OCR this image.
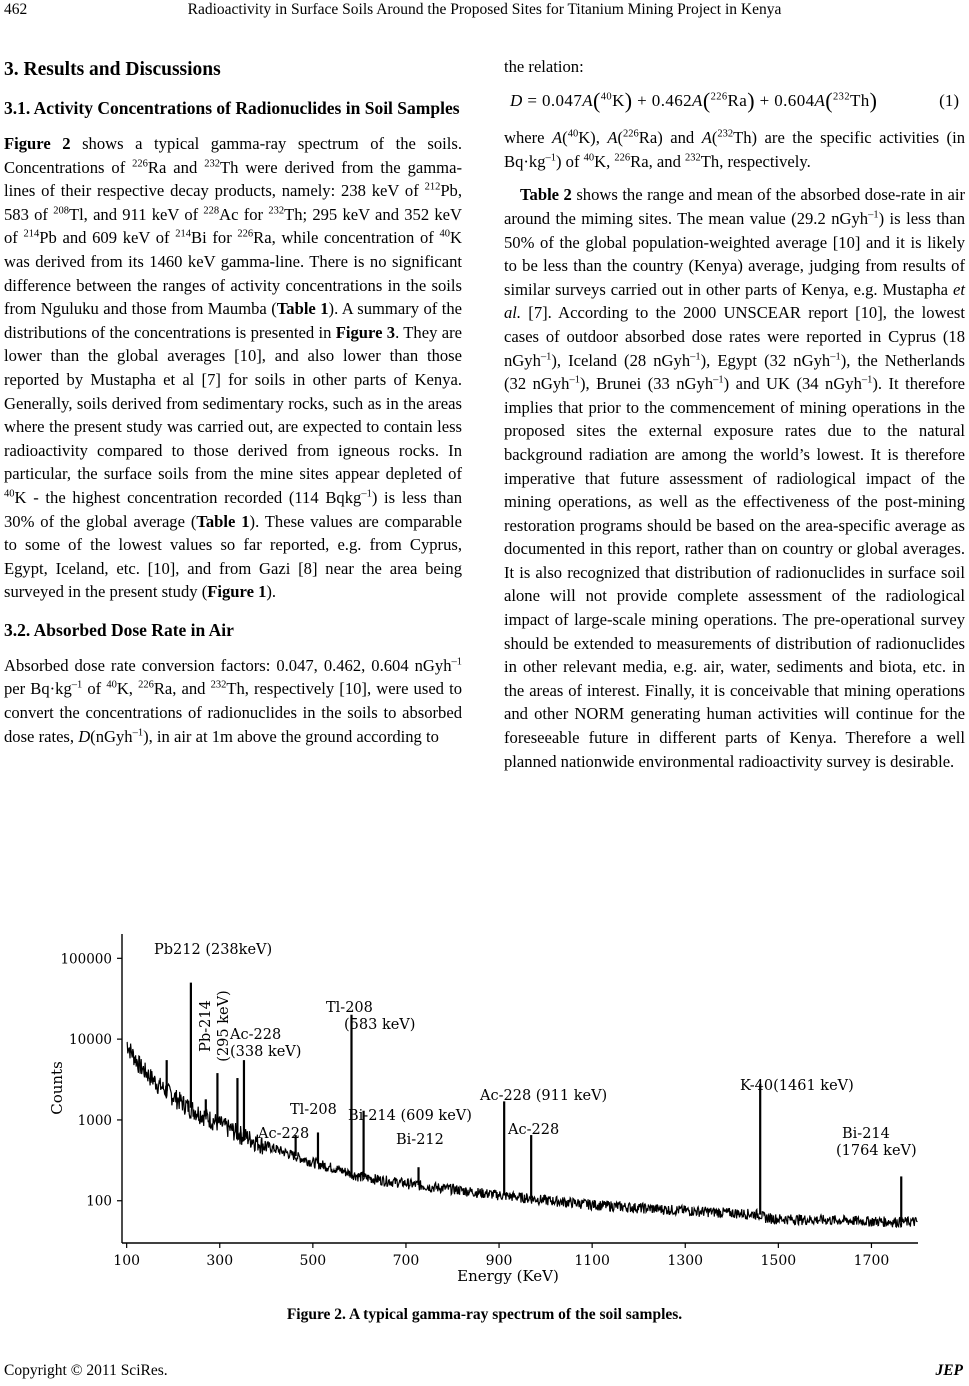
462	Radioactivity in Surface Soils Around the Proposed Sites for Titanium Mining Project in Kenya
3. Results and Discussions
3.1. Activity Concentrations of Radionuclides in Soil Samples

Figure 2 shows a typical gamma-ray spectrum of the soils. Concentrations of $^{226}$Ra and $^{232}$Th were derived from the gamma-lines of their respective decay products, namely: 238 keV of $^{212}$Pb, 583 of $^{208}$Tl, and 911 keV of $^{228}$Ac for $^{232}$Th; 295 keV and 352 keV of $^{214}$Pb and 609 keV of $^{214}$Bi for $^{226}$Ra, while concentration of $^{40}$K was derived from its 1460 keV gamma-line. There is no significant difference between the ranges of activity concentrations in the soils from Nguluku and those from Maumba (Table 1). A summary of the distributions of the concentrations is presented in Figure 3. They are lower than the global averages [10], and also lower than those reported by Mustapha et al [7] for soils in other parts of Kenya. Generally, soils derived from sedimentary rocks, such as in the areas where the present study was carried out, are expected to contain less radioactivity compared to those derived from igneous rocks. In particular, the surface soils from the mine sites appear depleted of $^{40}$K - the highest concentration recorded (114 Bqkg$^{-1}$) is less than 30% of the global average (Table 1). These values are comparable to some of the lowest values so far reported, e.g. from Cyprus, Egypt, Iceland, etc. [10], and from Gazi [8] near the area being surveyed in the present study (Figure 1).

3.2. Absorbed Dose Rate in Air

Absorbed dose rate conversion factors: 0.047, 0.462, 0.604 nGyh$^{-1}$ per $Bq\cdot kg^{-1}$ of $^{40}$K, $^{226}$Ra, and $^{232}$Th, respectively [10], were used to convert the concentrations of radionuclides in the soils to absorbed dose rates, D(nGyh$^{-1}$), in air at 1m above the ground according to

the relation:

D = 0.047A($^{40}$K) + 0.462A($^{226}$Ra) + 0.604A($^{232}$Th)	(1)

where A($^{40}$K), A($^{226}$Ra) and A($^{232}$Th) are the specific activities (in $Bq\cdot kg^{-1}$) of $^{40}$K, $^{226}$Ra, and $^{232}$Th, respectively.

Table 2 shows the range and mean of the absorbed dose-rate in air around the miming sites. The mean value (29.2 nGyh$^{-1}$) is less than 50% of the global population-weighted average [10] and it is likely to be less than the country (Kenya) average, judging from results of similar surveys carried out in other parts of Kenya, e.g. Mustapha et al. [7]. According to the 2000 UNSCEAR report [10], the lowest cases of outdoor absorbed dose rates were reported in Cyprus (18 nGyh$^{-1}$), Iceland (28 nGyh$^{-1}$), Egypt (32 nGyh$^{-1}$), the Netherlands (32 nGyh$^{-1}$), Brunei (33 nGyh$^{-1}$) and UK (34 nGyh$^{-1}$). It therefore implies that prior to the commencement of mining operations in the proposed sites the external exposure rates due to the natural background radiation are among the world’s lowest. It is therefore imperative that future assessment of radiological impact of the mining operations, as well as the effectiveness of the post-mining restoration programs should be based on the area-specific average as documented in this report, rather than on country or global averages. It is also recognized that distribution of radionuclides in surface soil alone will not provide complete assessment of the radiological impact of large-scale mining operations. The pre-operational survey should be extended to measurements of distribution of radionuclides in other relevant media, e.g. air, water, sediments and biota, etc. in the areas of interest. Finally, it is conceivable that mining operations and other NORM generating human activities will continue for the foreseeable future in different parts of Kenya. Therefore a well planned nationwide environmental radioactivity survey is desirable.

100	300	500	700	900	1100	1300	1500	1700
100
1000
10000
100000
Counts
Energy (KeV)
Pb212 (238keV)
Tl-208
(583 keV)
Pb-214 (295 keV)
Ac-228
(338 keV)
Tl-208
Ac-228
Bi-214 (609 keV)
Bi-212
Ac-228 (911 keV)
Ac-228
K-40(1461 keV)
Bi-214
(1764 keV)
Figure 2. A typical gamma-ray spectrum of the soil samples.
Copyright © 2011 SciRes.	JEP
